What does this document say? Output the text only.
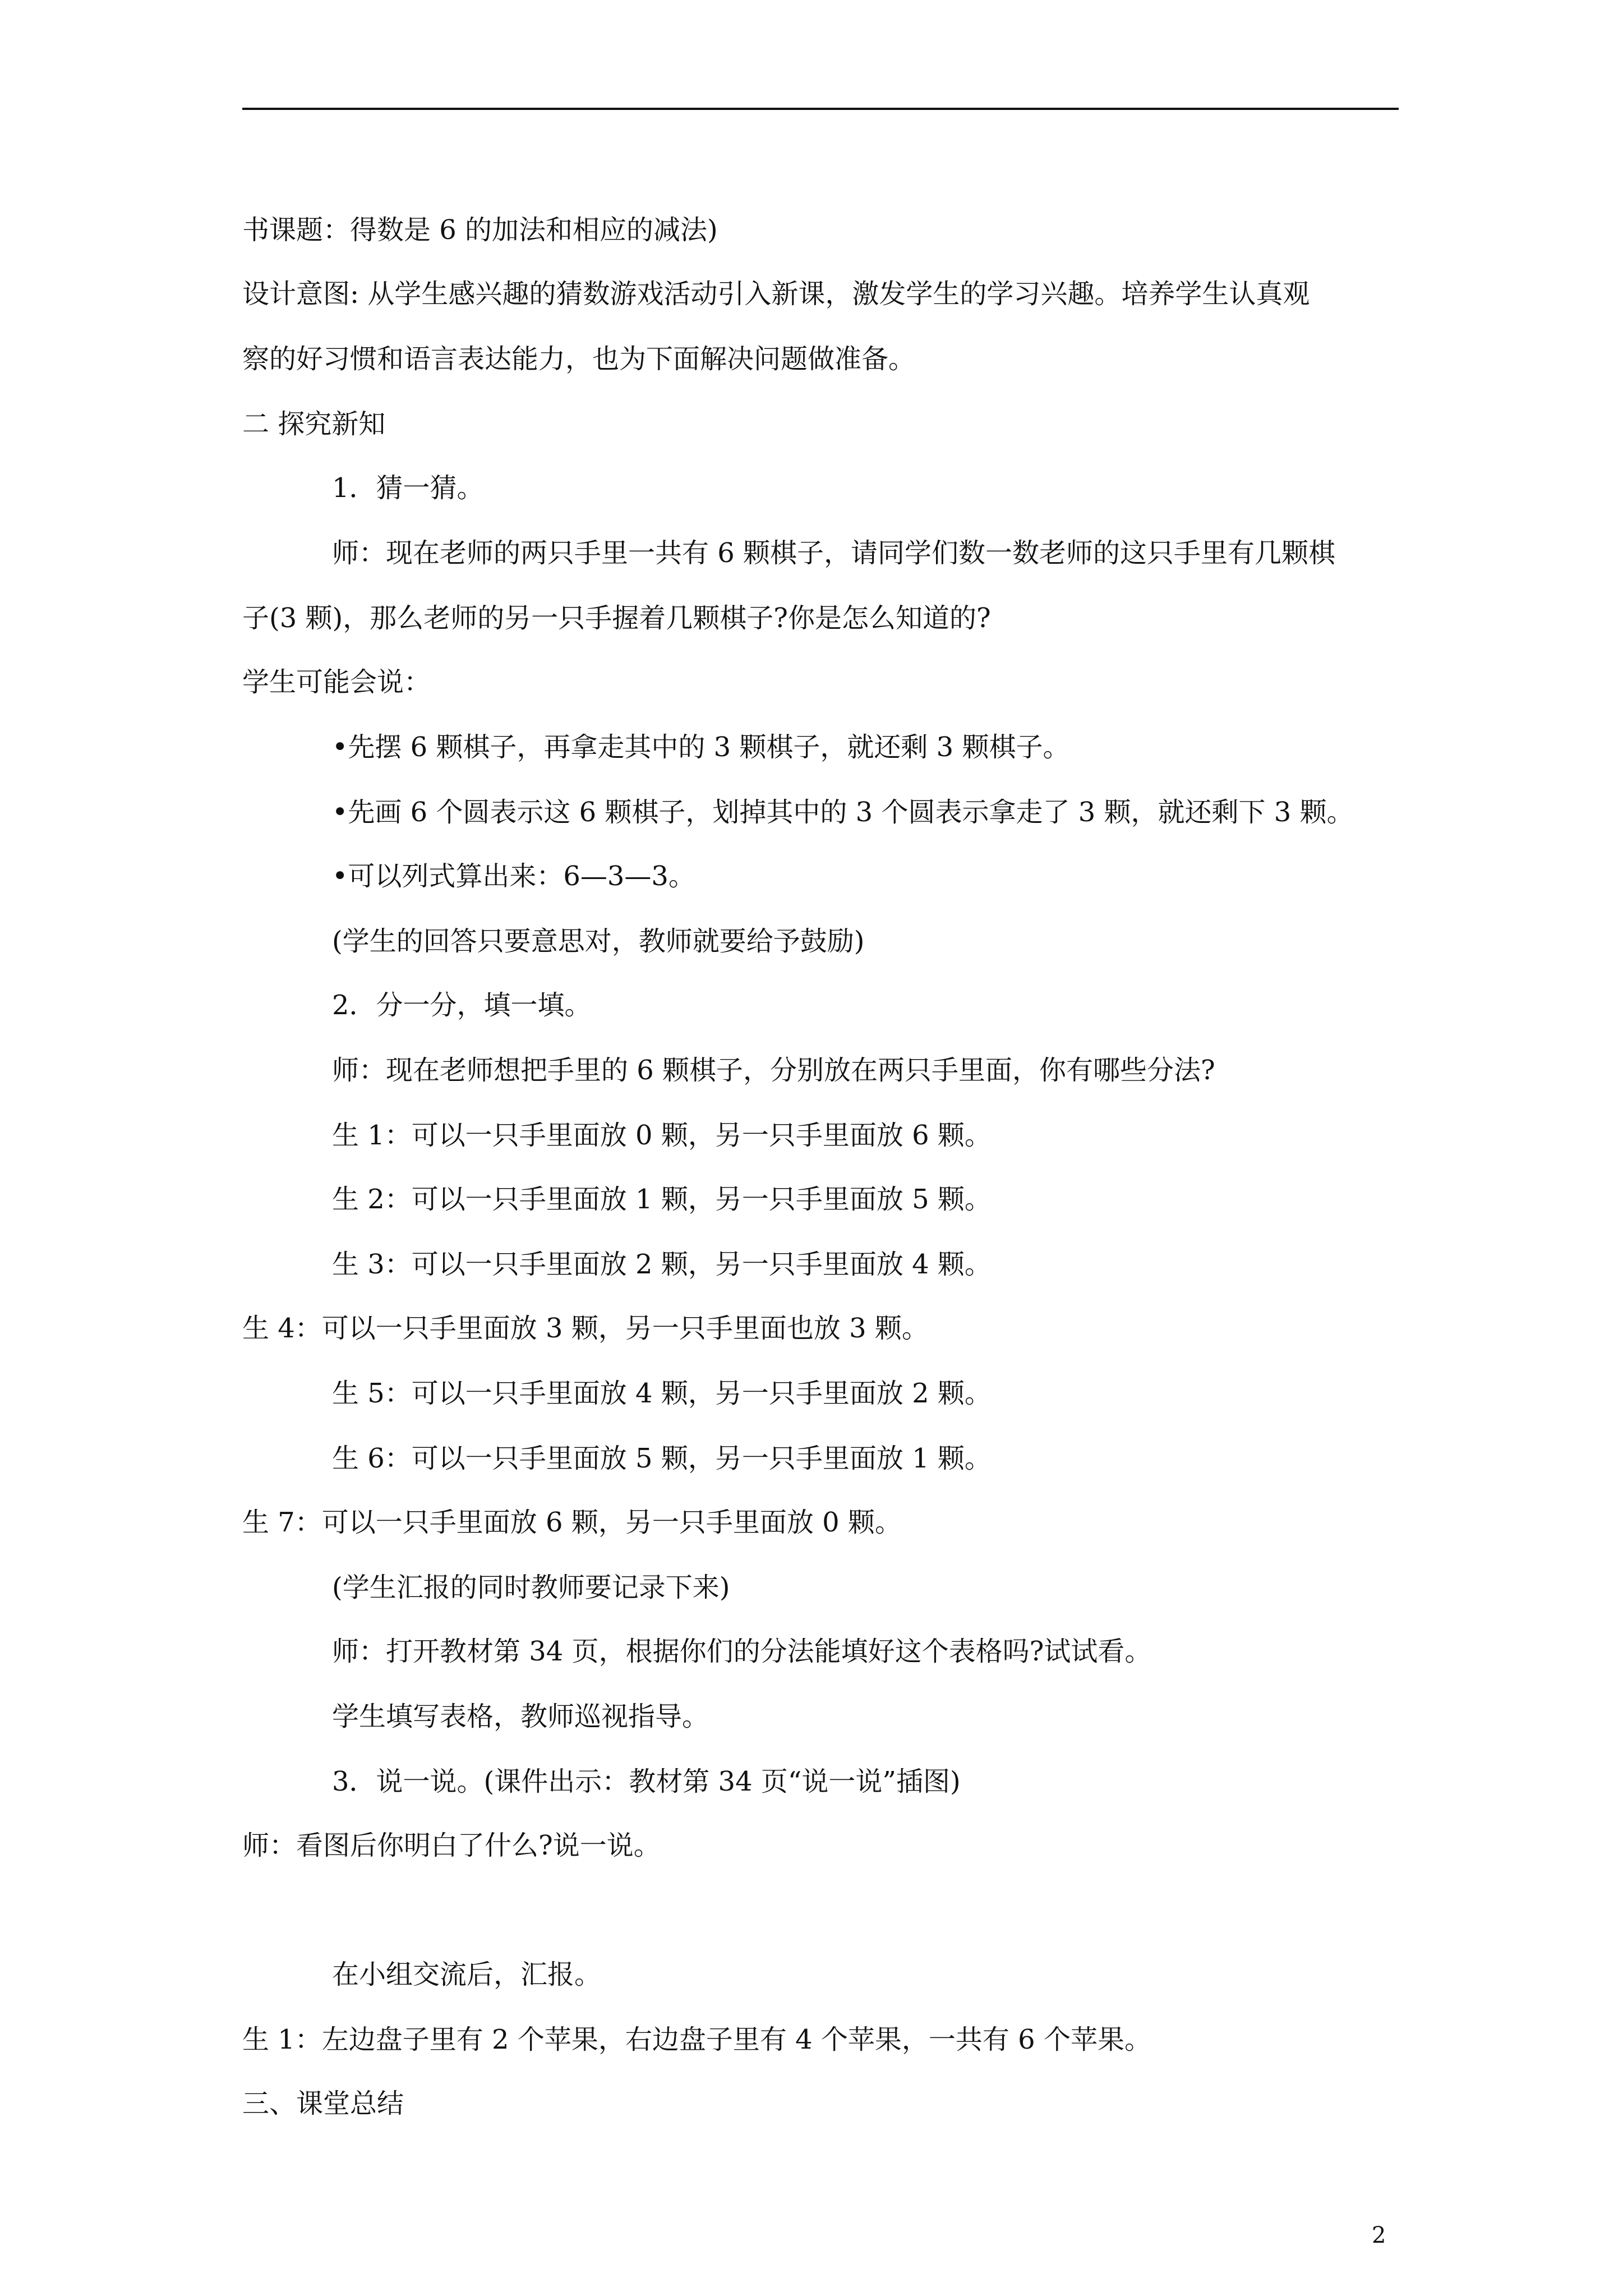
书课题：得数是 6 的加法和相应的减法)
设计意图: 从学生感兴趣的猜数游戏活动引入新课，激发学生的学习兴趣。培养学生认真观
察的好习惯和语言表达能力，也为下面解决问题做准备。
二 探究新知
1．猜一猜。
师：现在老师的两只手里一共有 6 颗棋子，请同学们数一数老师的这只手里有几颗棋
子(3 颗)，那么老师的另一只手握着几颗棋子?你是怎么知道的?
学生可能会说：
•先摆 6 颗棋子，再拿走其中的 3 颗棋子，就还剩 3 颗棋子。
•先画 6 个圆表示这 6 颗棋子，划掉其中的 3 个圆表示拿走了 3 颗，就还剩下 3 颗。
•可以列式算出来：6—3—3。
(学生的回答只要意思对，教师就要给予鼓励)
2．分一分，填一填。
师：现在老师想把手里的 6 颗棋子，分别放在两只手里面，你有哪些分法?
生 1：可以一只手里面放 0 颗，另一只手里面放 6 颗。
生 2：可以一只手里面放 1 颗，另一只手里面放 5 颗。
生 3：可以一只手里面放 2 颗，另一只手里面放 4 颗。
生 4：可以一只手里面放 3 颗，另一只手里面也放 3 颗。
生 5：可以一只手里面放 4 颗，另一只手里面放 2 颗。
生 6：可以一只手里面放 5 颗，另一只手里面放 1 颗。
生 7：可以一只手里面放 6 颗，另一只手里面放 0 颗。
(学生汇报的同时教师要记录下来)
师：打开教材第 34 页，根据你们的分法能填好这个表格吗?试试看。
学生填写表格，教师巡视指导。
3．说一说。(课件出示：教材第 34 页“说一说”插图)
师：看图后你明白了什么?说一说。
在小组交流后，汇报。
生 1：左边盘子里有 2 个苹果，右边盘子里有 4 个苹果，一共有 6 个苹果。
三、课堂总结
2
